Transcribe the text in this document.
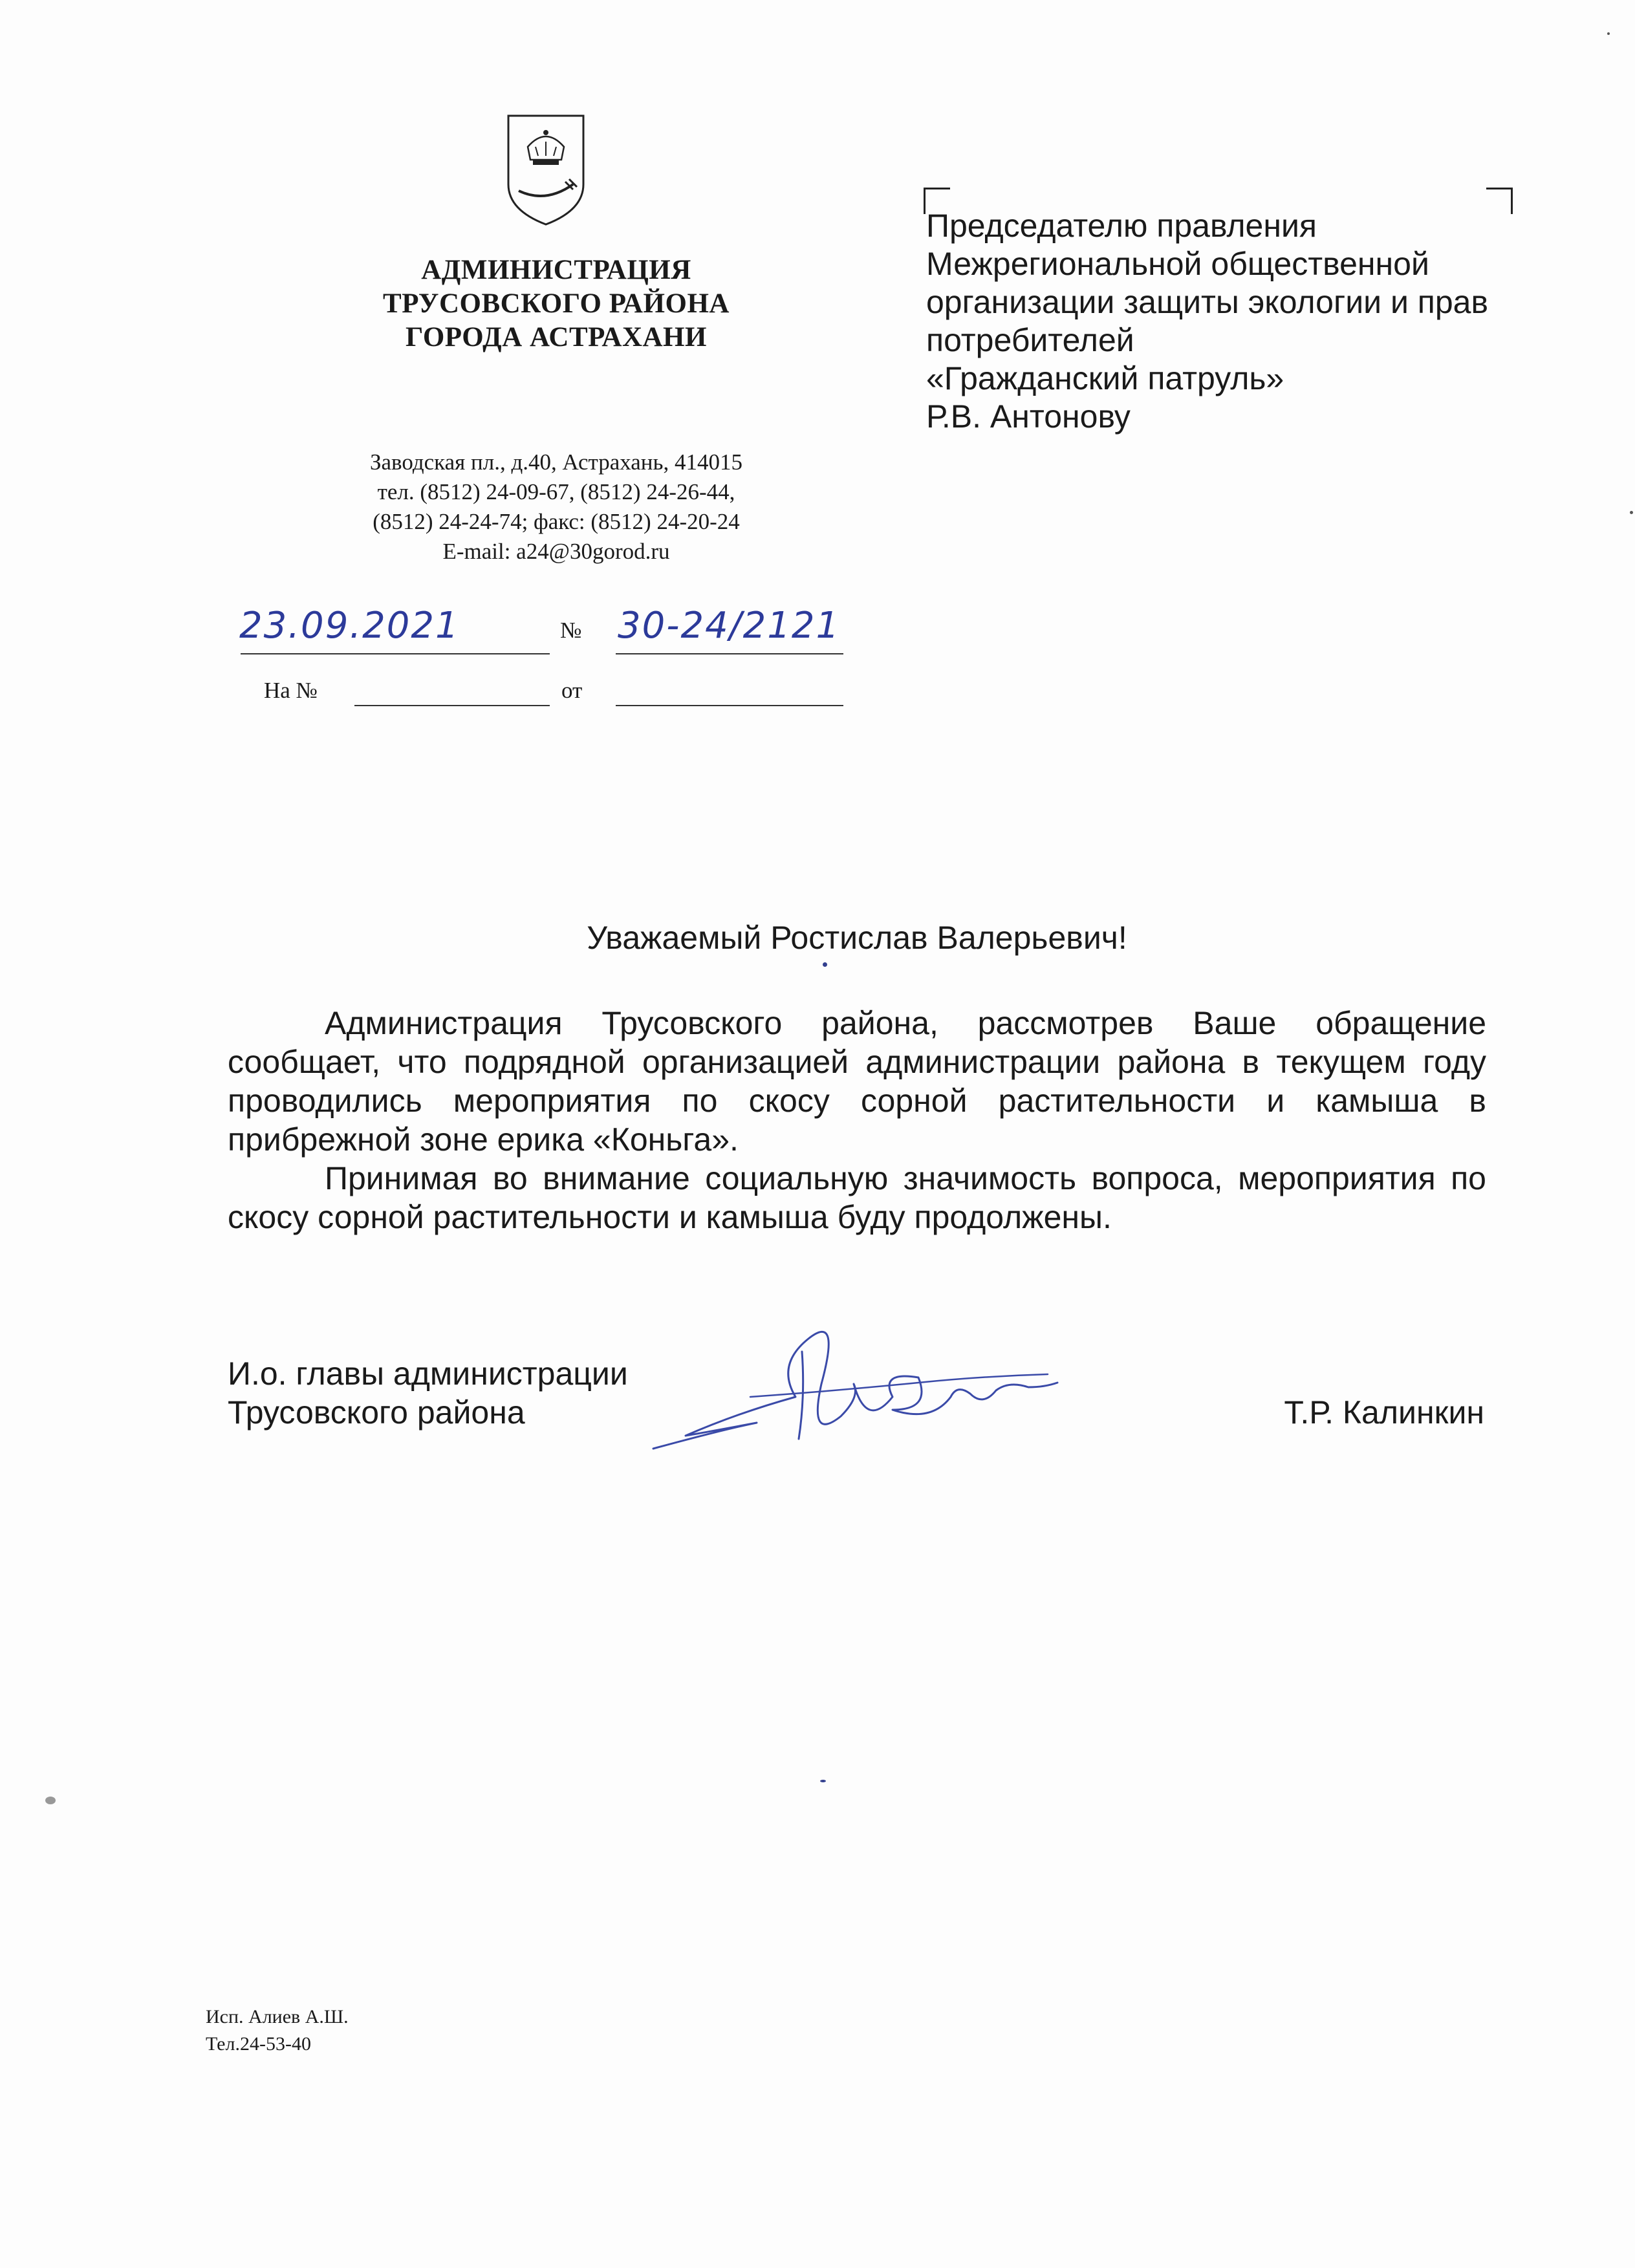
АДМИНИСТРАЦИЯ
ТРУСОВСКОГО РАЙОНА
ГОРОДА АСТРАХАНИ
Заводская пл., д.40, Астрахань, 414015
тел. (8512) 24-09-67, (8512) 24-26-44,
(8512) 24-24-74; факс: (8512) 24-20-24
E-mail: a24@30gorod.ru
23.09.2021	№ 30-24/2121
На №	от
Председателю правления
Межрегиональной общественной
организации защиты экологии и прав
потребителей
«Гражданский патруль»
Р.В. Антонову
Уважаемый Ростислав Валерьевич!

Администрация Трусовского района, рассмотрев Ваше обращение сообщает, что подрядной организацией администрации района в текущем году проводились мероприятия по скосу сорной растительности и камыша в прибрежной зоне ерика «Коньга».

Принимая во внимание социальную значимость вопроса, мероприятия по скосу сорной растительности и камыша буду продолжены.

И.о. главы администрации
Трусовского района	Т.Р. Калинкин
Исп. Алиев А.Ш.
Тел.24-53-40
